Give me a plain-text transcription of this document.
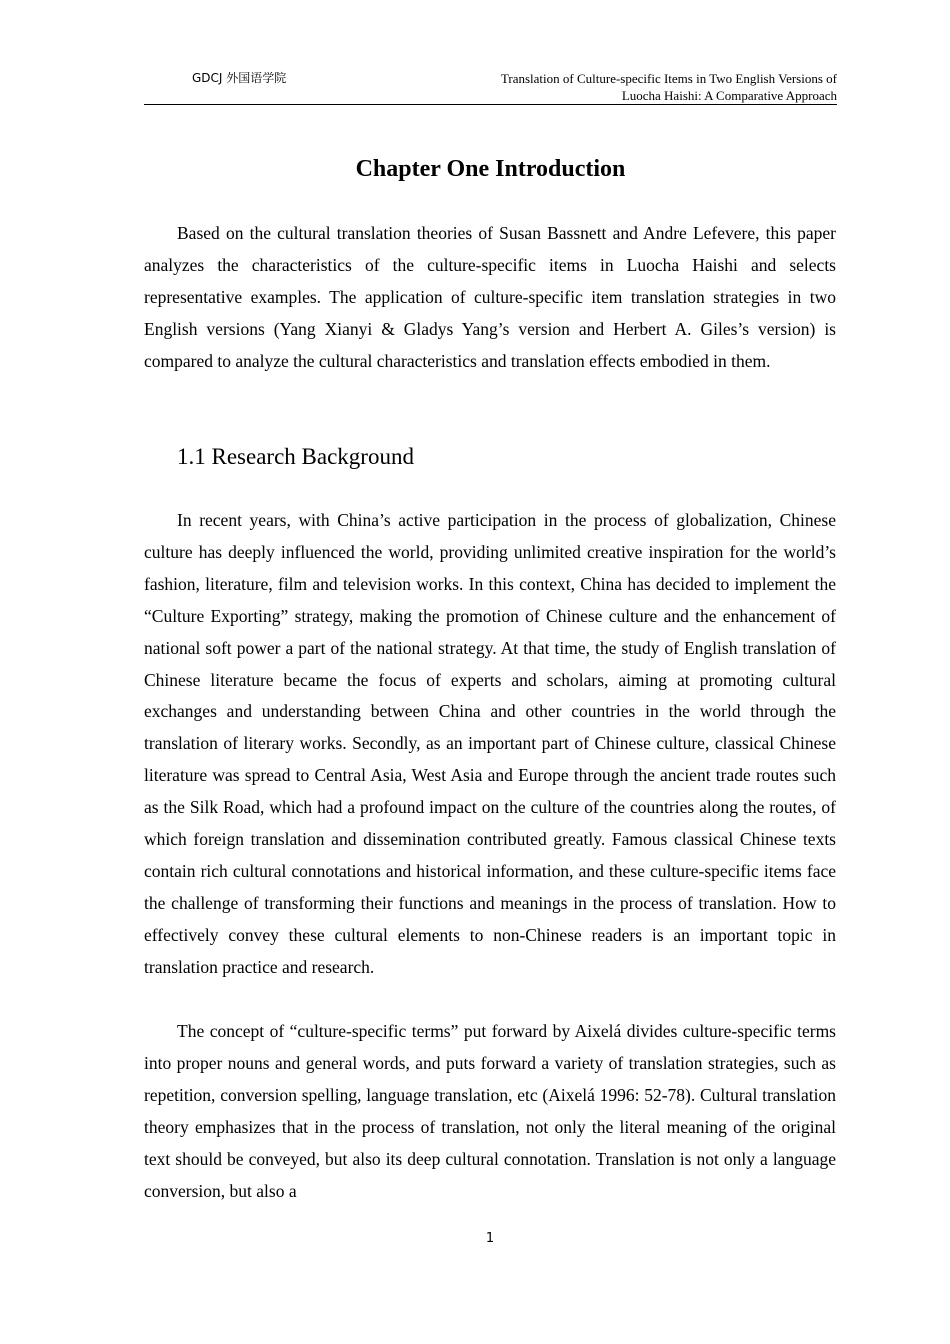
GDCJ 外国语学院	Translation of Culture-specific Items in Two English Versions of
Luocha Haishi: A Comparative Approach
Chapter One Introduction

Based on the cultural translation theories of Susan Bassnett and Andre Lefevere, this paper analyzes the characteristics of the culture-specific items in Luocha Haishi and selects representative examples. The application of culture-specific item translation strategies in two English versions (Yang Xianyi & Gladys Yang’s version and Herbert A. Giles’s version) is compared to analyze the cultural characteristics and translation effects embodied in them.

1.1 Research Background

In recent years, with China’s active participation in the process of globalization, Chinese culture has deeply influenced the world, providing unlimited creative inspiration for the world’s fashion, literature, film and television works. In this context, China has decided to implement the “Culture Exporting” strategy, making the promotion of Chinese culture and the enhancement of national soft power a part of the national strategy. At that time, the study of English translation of Chinese literature became the focus of experts and scholars, aiming at promoting cultural exchanges and understanding between China and other countries in the world through the translation of literary works. Secondly, as an important part of Chinese culture, classical Chinese literature was spread to Central Asia, West Asia and Europe through the ancient trade routes such as the Silk Road, which had a profound impact on the culture of the countries along the routes, of which foreign translation and dissemination contributed greatly. Famous classical Chinese texts contain rich cultural connotations and historical information, and these culture-specific items face the challenge of transforming their functions and meanings in the process of translation. How to effectively convey these cultural elements to non-Chinese readers is an important topic in translation practice and research.

The concept of “culture-specific terms” put forward by Aixelá divides culture-specific terms into proper nouns and general words, and puts forward a variety of translation strategies, such as repetition, conversion spelling, language translation, etc (Aixelá 1996: 52-78). Cultural translation theory emphasizes that in the process of translation, not only the literal meaning of the original text should be conveyed, but also its deep cultural connotation. Translation is not only a language conversion, but also a

1
